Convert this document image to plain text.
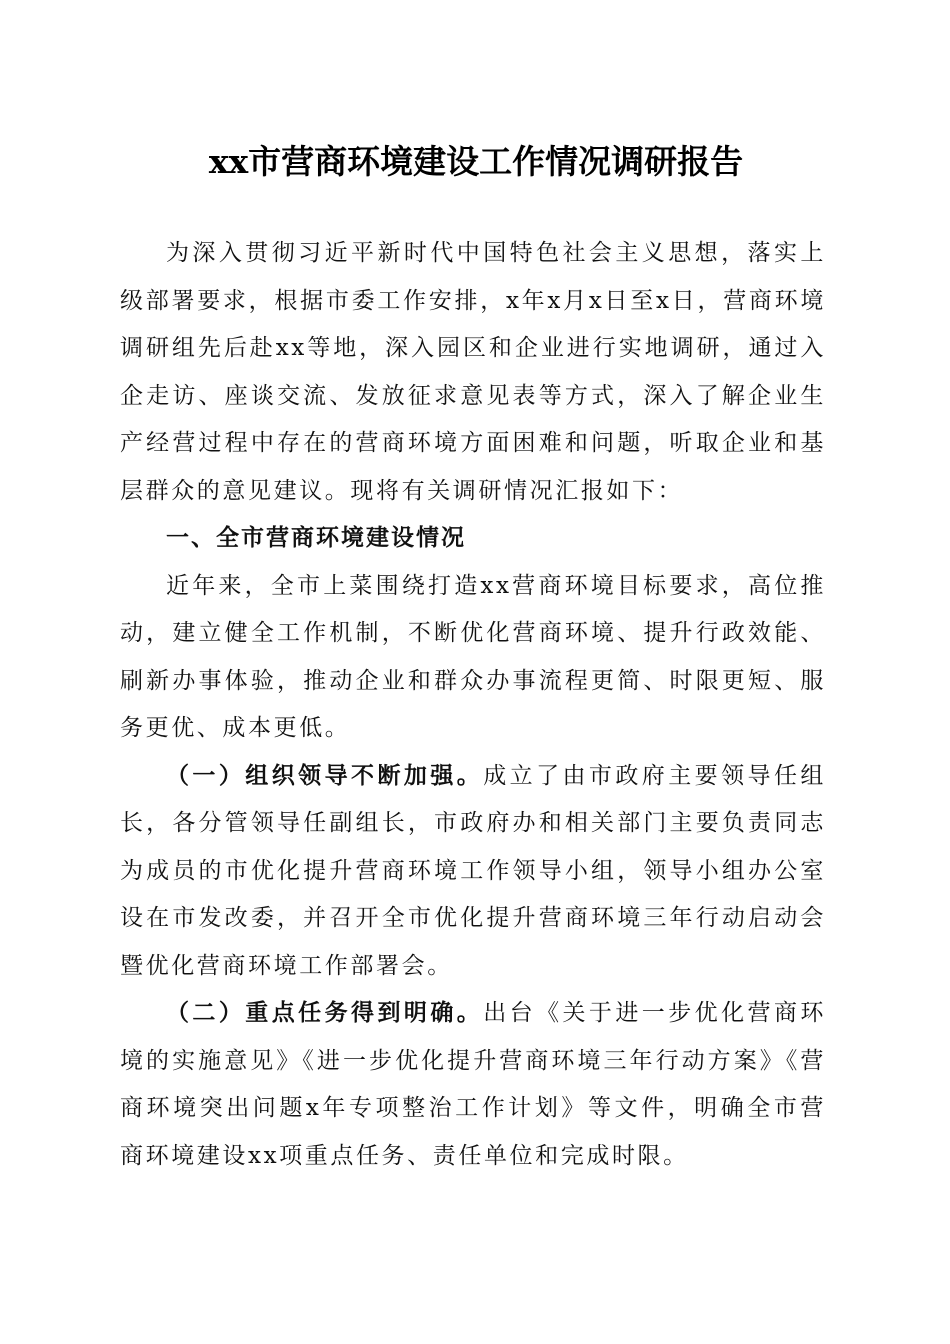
xx市营商环境建设工作情况调研报告

为深入贯彻习近平新时代中国特色社会主义思想，落实上级部署要求，根据市委工作安排，x年x月x日至x日，营商环境调研组先后赴xx等地，深入园区和企业进行实地调研，通过入企走访、座谈交流、发放征求意见表等方式，深入了解企业生产经营过程中存在的营商环境方面困难和问题，听取企业和基层群众的意见建议。现将有关调研情况汇报如下：

一、全市营商环境建设情况

近年来，全市上菜围绕打造xx营商环境目标要求，高位推动，建立健全工作机制，不断优化营商环境、提升行政效能、刷新办事体验，推动企业和群众办事流程更简、时限更短、服务更优、成本更低。

（一）组织领导不断加强。成立了由市政府主要领导任组长，各分管领导任副组长，市政府办和相关部门主要负责同志为成员的市优化提升营商环境工作领导小组，领导小组办公室设在市发改委，并召开全市优化提升营商环境三年行动启动会暨优化营商环境工作部署会。

（二）重点任务得到明确。出台《关于进一步优化营商环境的实施意见》《进一步优化提升营商环境三年行动方案》《营商环境突出问题x年专项整治工作计划》等文件，明确全市营商环境建设xx项重点任务、责任单位和完成时限。
